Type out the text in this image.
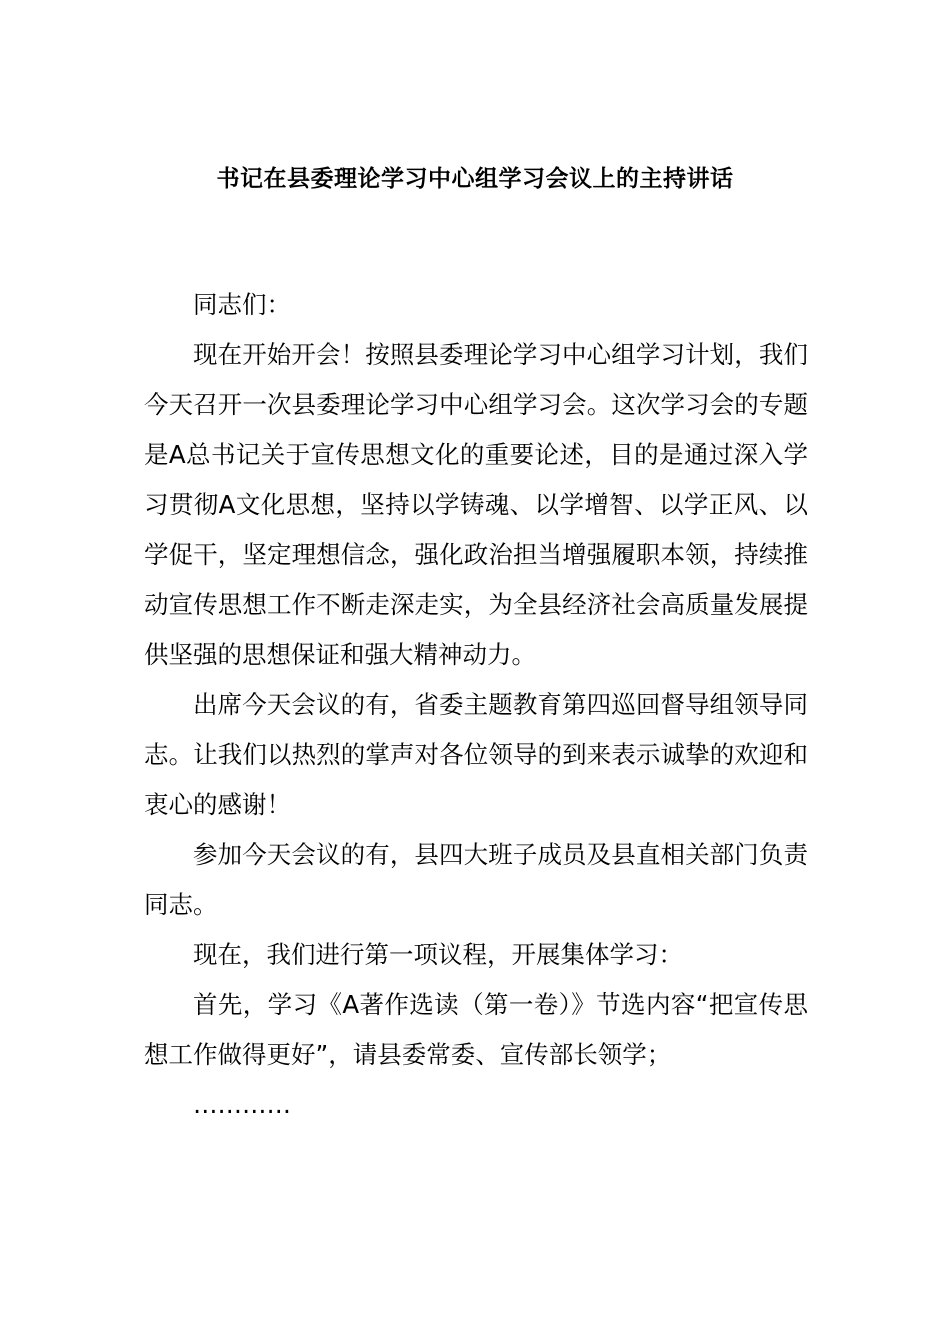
书记在县委理论学习中心组学习会议上的主持讲话

同志们：

现在开始开会！按照县委理论学习中心组学习计划，我们今天召开一次县委理论学习中心组学习会。这次学习会的专题是A总书记关于宣传思想文化的重要论述，目的是通过深入学习贯彻A文化思想，坚持以学铸魂、以学增智、以学正风、以学促干，坚定理想信念，强化政治担当增强履职本领，持续推动宣传思想工作不断走深走实，为全县经济社会高质量发展提供坚强的思想保证和强大精神动力。

出席今天会议的有，省委主题教育第四巡回督导组领导同志。让我们以热烈的掌声对各位领导的到来表示诚挚的欢迎和衷心的感谢！

参加今天会议的有，县四大班子成员及县直相关部门负责同志。

现在，我们进行第一项议程，开展集体学习：

首先，学习《A著作选读（第一卷）》节选内容“把宣传思想工作做得更好”，请县委常委、宣传部长领学；

…………
